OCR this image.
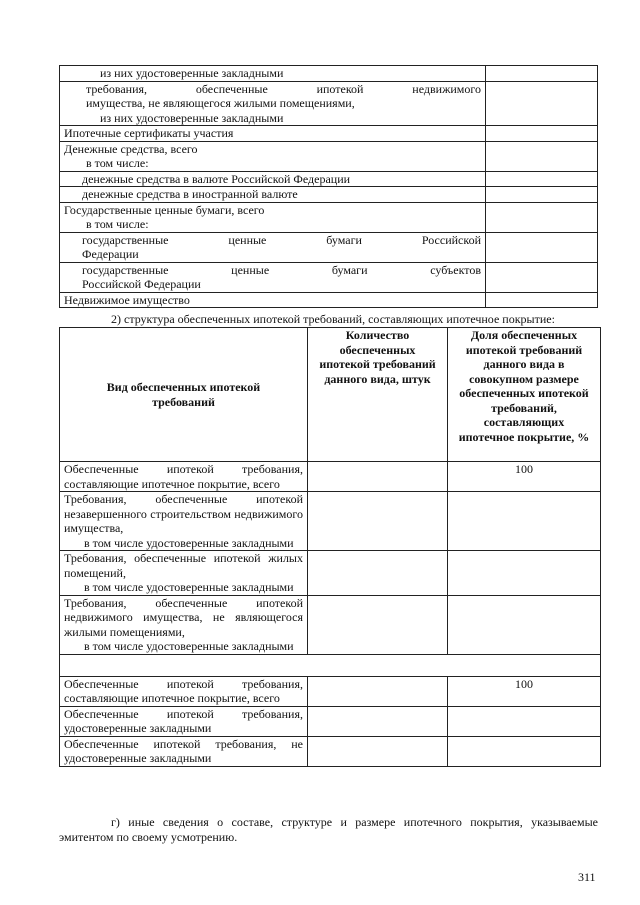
из них удостоверенные закладными	

требования, обеспеченные ипотекой недвижимого
имущества, не являющегося жилыми помещениями,
из них удостоверенные закладными	

Ипотечные сертификаты участия	

Денежные средства, всего
в том числе:	

денежные средства в валюте Российской Федерации	
денежные средства в иностранной валюте	

Государственные ценные бумаги, всего
в том числе:	

государственные ценные бумаги Российской
Федерации	

государственные ценные бумаги субъектов
Российской Федерации	

Недвижимое имущество	

2) структура обеспеченных ипотекой требований, составляющих ипотечное покрытие:

Вид обеспеченных ипотекой требований	Количество обеспеченных ипотекой требований данного вида, штук	Доля обеспеченных ипотекой требований данного вида в совокупном размере обеспеченных ипотекой требований, составляющих ипотечное покрытие, %
Обеспеченные ипотекой требования, составляющие ипотечное покрытие, всего		100

Требования, обеспеченные ипотекой незавершенного строительством недвижимого имущества,
в том числе удостоверенные закладными		

Требования, обеспеченные ипотекой жилых помещений,
в том числе удостоверенные закладными		

Требования, обеспеченные ипотекой недвижимого имущества, не являющегося жилыми помещениями,
в том числе удостоверенные закладными		

Обеспеченные ипотекой требования, составляющие ипотечное покрытие, всего		100
Обеспеченные ипотекой требования, удостоверенные закладными		
Обеспеченные ипотекой требования, не удостоверенные закладными		

г) иные сведения о составе, структуре и размере ипотечного покрытия, указываемые эмитентом по своему усмотрению.

311
